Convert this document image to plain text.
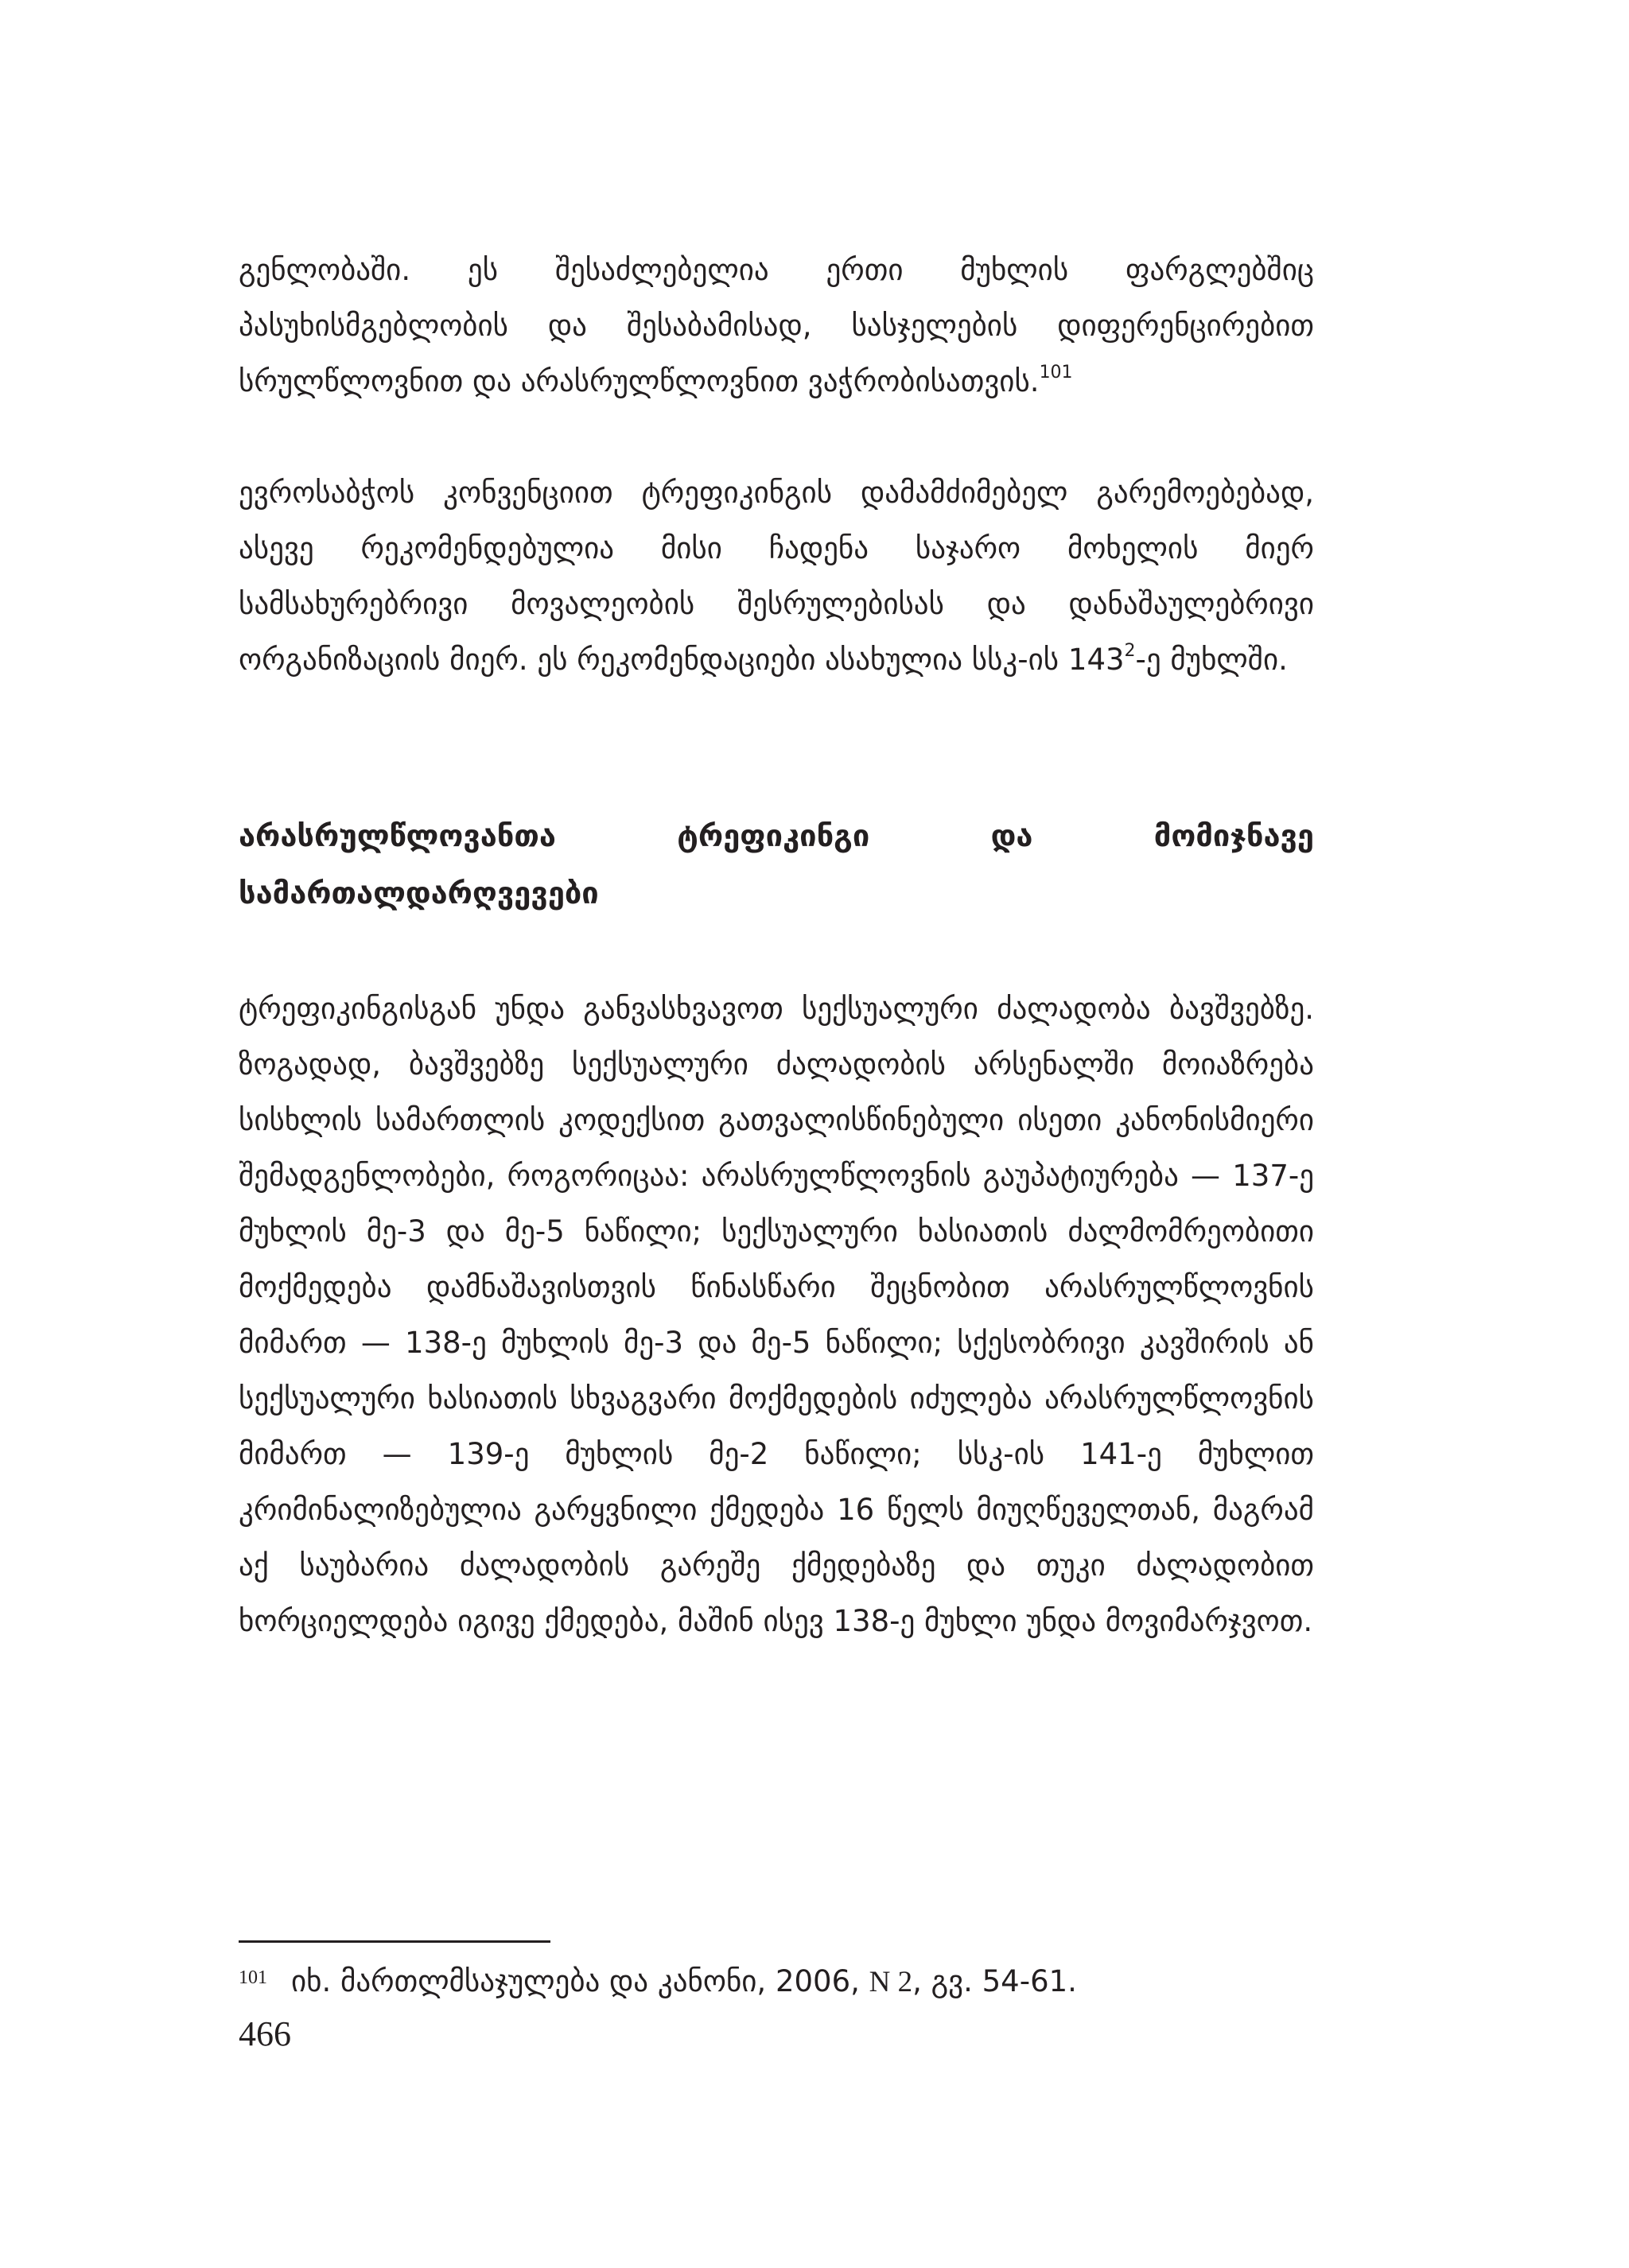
გენლობაში. ეს შესაძლებელია ერთი მუხლის ფარგლებშიც პასუხისმგებლობის და შესაბამისად, სასჯელების დიფერენცირებით სრულწლოვნით და არასრულწლოვნით ვაჭრობისათვის.$^{101}$

ევროსაბჭოს კონვენციით ტრეფიკინგის დამამძიმებელ გარემოებებად, ასევე რეკომენდებულია მისი ჩადენა საჯარო მოხელის მიერ სამსახურებრივი მოვალეობის შესრულებისას და დანაშაულებრივი ორგანიზაციის მიერ. ეს რეკომენდაციები ასახულია სსკ-ის $143^2-ე$ მუხლში.

არასრულწლოვანთა ტრეფიკინგი და მომიჯნავე სამართალდარღვევები

ტრეფიკინგისგან უნდა განვასხვავოთ სექსუალური ძალადობა ბავშვებზე. ზოგადად, ბავშვებზე სექსუალური ძალადობის არსენალში მოიაზრება სისხლის სამართლის კოდექსით გათვალისწინებული ისეთი კანონისმიერი შემადგენლობები, როგორიცაა: არასრულწლოვნის გაუპატიურება — 137-ე მუხლის მე-3 და მე-5 ნაწილი; სექსუალური ხასიათის ძალმომრეობითი მოქმედება დამნაშავისთვის წინასწარი შეცნობით არასრულწლოვნის მიმართ — 138-ე მუხლის მე-3 და მე-5 ნაწილი; სქესობრივი კავშირის ან სექსუალური ხასიათის სხვაგვარი მოქმედების იძულება არასრულწლოვნის მიმართ — 139-ე მუხლის მე-2 ნაწილი; სსკ-ის 141-ე მუხლით კრიმინალიზებულია გარყვნილი ქმედება 16 წელს მიუღწეველთან, მაგრამ აქ საუბარია ძალადობის გარეშე ქმედებაზე და თუკი ძალადობით ხორციელდება იგივე ქმედება, მაშინ ისევ 138-ე მუხლი უნდა მოვიმარჯვოთ.

$^{101}$ იხ. მართლმსაჯულება და კანონი, 2006, N 2, გვ. 54-61.
466
